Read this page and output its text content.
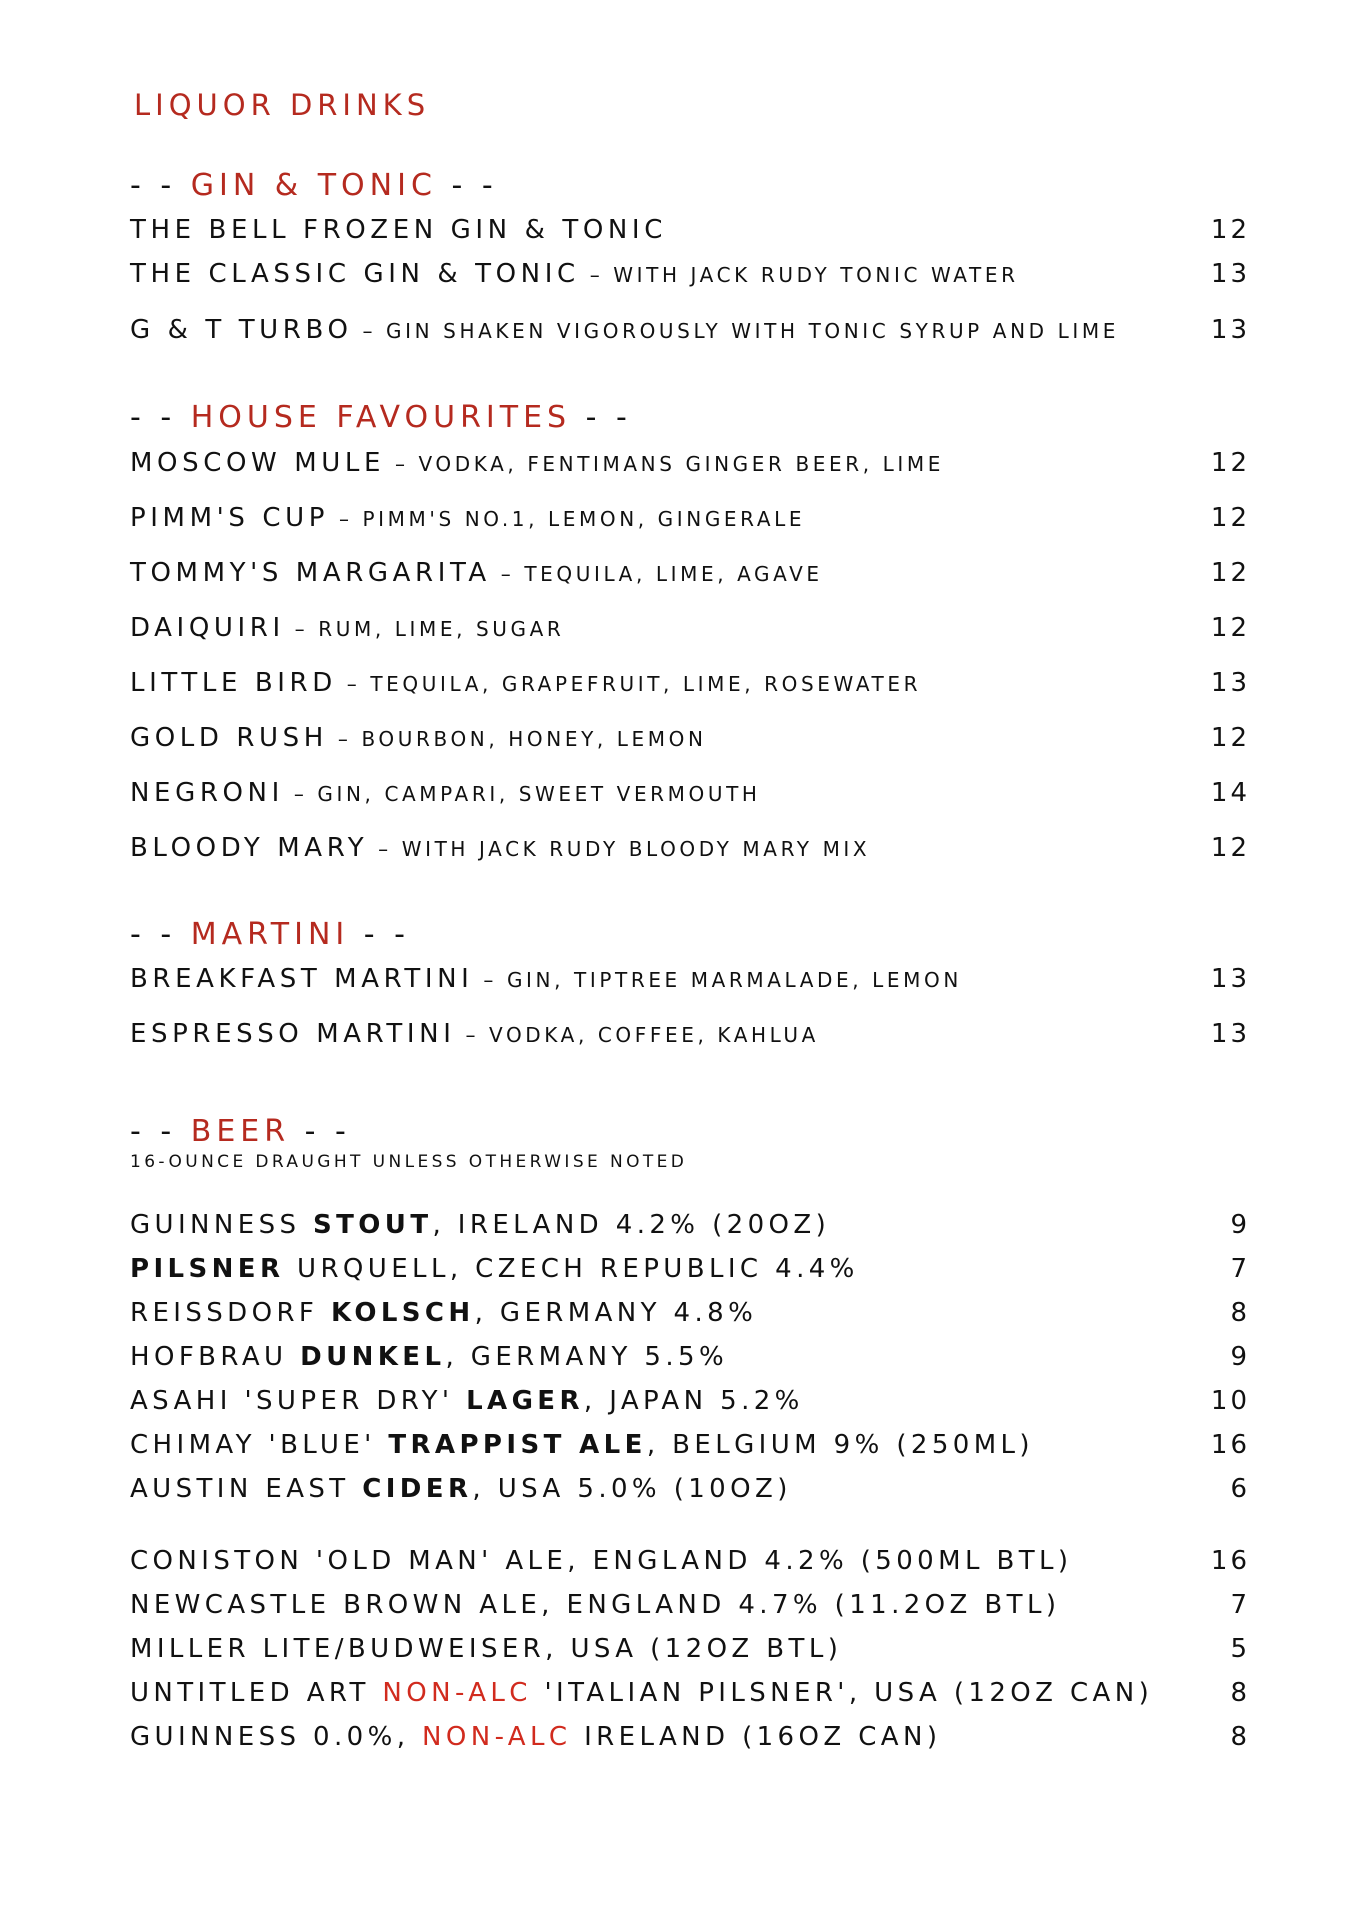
LIQUOR DRINKS
- - GIN & TONIC - -
THE BELL FROZEN GIN & TONIC	12
THE CLASSIC GIN & TONIC – WITH JACK RUDY TONIC WATER	13
G & T TURBO – GIN SHAKEN VIGOROUSLY WITH TONIC SYRUP AND LIME	13
- - HOUSE FAVOURITES - -
MOSCOW MULE – VODKA, FENTIMANS GINGER BEER, LIME	12
PIMM'S CUP – PIMM'S NO.1, LEMON, GINGERALE	12
TOMMY'S MARGARITA – TEQUILA, LIME, AGAVE	12
DAIQUIRI – RUM, LIME, SUGAR	12
LITTLE BIRD – TEQUILA, GRAPEFRUIT, LIME, ROSEWATER	13
GOLD RUSH – BOURBON, HONEY, LEMON	12
NEGRONI – GIN, CAMPARI, SWEET VERMOUTH	14
BLOODY MARY – WITH JACK RUDY BLOODY MARY MIX	12
- - MARTINI - -
BREAKFAST MARTINI – GIN, TIPTREE MARMALADE, LEMON	13
ESPRESSO MARTINI – VODKA, COFFEE, KAHLUA	13
- - BEER - -
16-OUNCE DRAUGHT UNLESS OTHERWISE NOTED
GUINNESS STOUT, IRELAND 4.2% (20OZ)	9
PILSNER URQUELL, CZECH REPUBLIC 4.4%	7
REISSDORF KOLSCH, GERMANY 4.8%	8
HOFBRAU DUNKEL, GERMANY 5.5%	9
ASAHI 'SUPER DRY' LAGER, JAPAN 5.2%	10
CHIMAY 'BLUE' TRAPPIST ALE, BELGIUM 9% (250ML)	16
AUSTIN EAST CIDER, USA 5.0% (10OZ)	6
CONISTON 'OLD MAN' ALE, ENGLAND 4.2% (500ML BTL)	16
NEWCASTLE BROWN ALE, ENGLAND 4.7% (11.2OZ BTL)	7
MILLER LITE/BUDWEISER, USA (12OZ BTL)	5
UNTITLED ART NON-ALC 'ITALIAN PILSNER', USA (12OZ CAN)	8
GUINNESS 0.0%, NON-ALC IRELAND (16OZ CAN)	8
